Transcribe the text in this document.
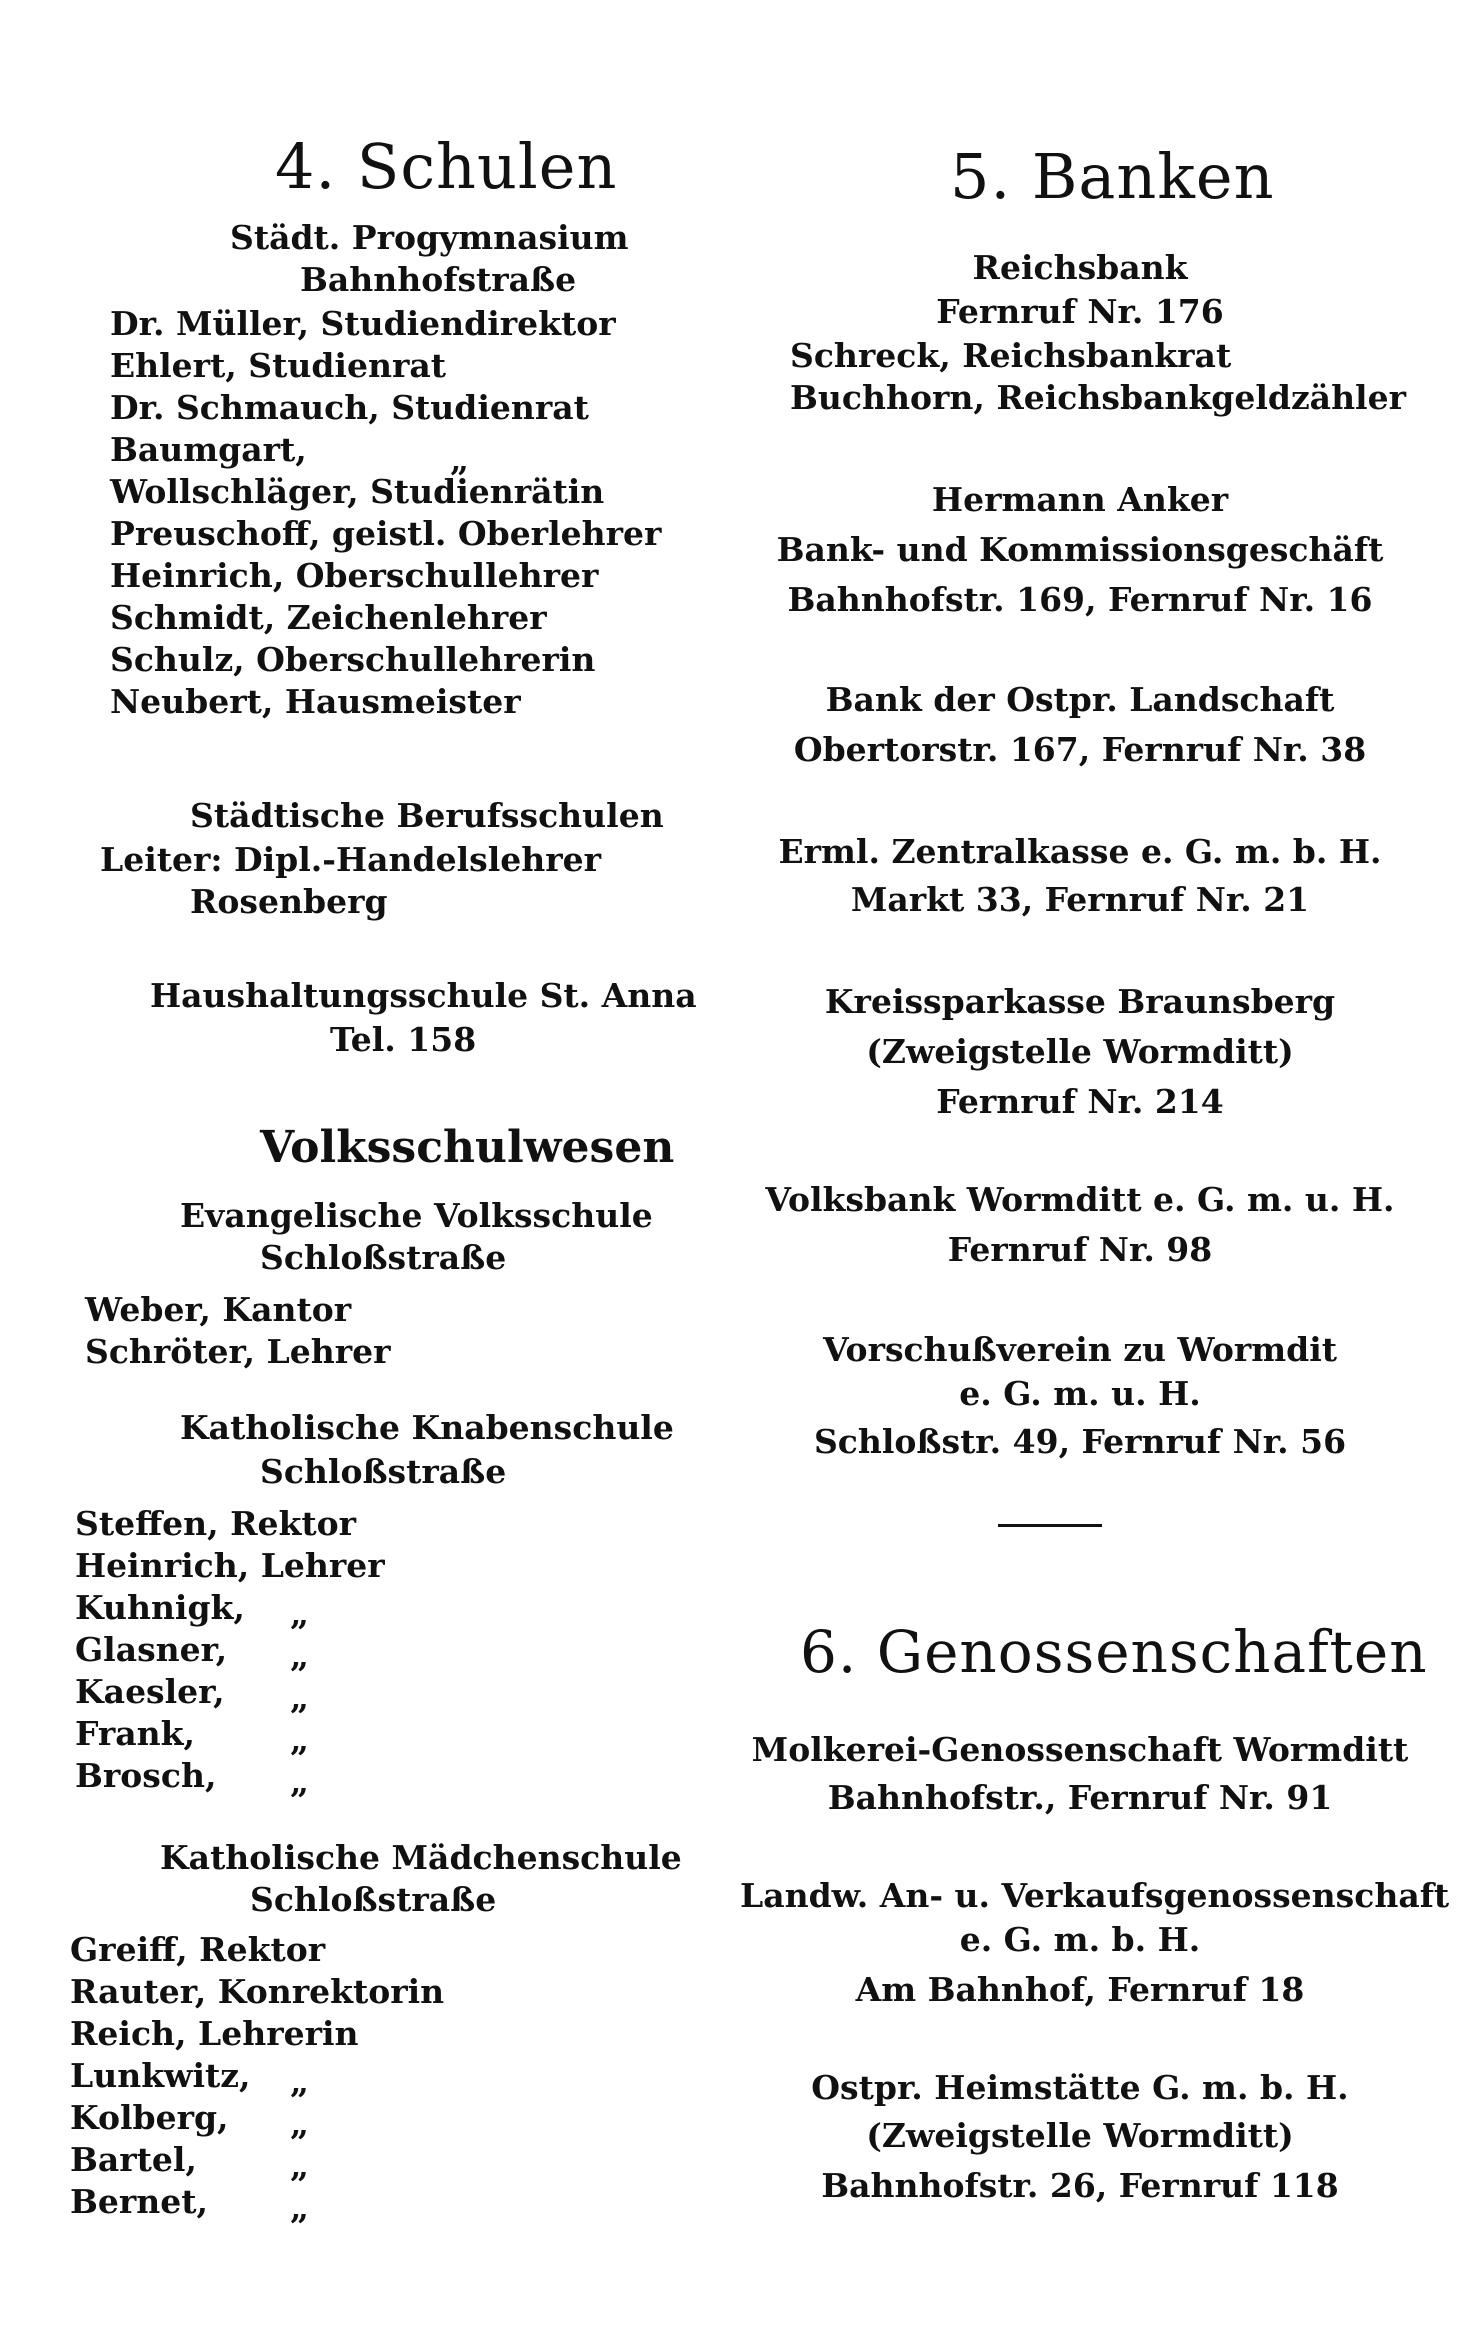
4. Schulen
Städt. Progymnasium
Bahnhofstraße
Dr. Müller, Studiendirektor
Ehlert, Studienrat
Dr. Schmauch, Studienrat
Baumgart,	„
Wollschläger, Studienrätin
Preuschoff, geistl. Oberlehrer
Heinrich, Oberschullehrer
Schmidt, Zeichenlehrer
Schulz, Oberschullehrerin
Neubert, Hausmeister
Städtische Berufsschulen
Leiter: Dipl.-Handelslehrer
Rosenberg
Haushaltungsschule St. Anna
Tel. 158
Volksschulwesen
Evangelische Volksschule
Schloßstraße
Weber, Kantor
Schröter, Lehrer
Katholische Knabenschule
Schloßstraße
Steffen, Rektor
Heinrich, Lehrer
Kuhnigk, „
Glasner, „
Kaesler, „
Frank,	„
Brosch, „
Katholische Mädchenschule
Schloßstraße
Greiff, Rektor
Rauter, Konrektorin
Reich, Lehrerin
Lunkwitz, „
Kolberg, „
Bartel,	„
Bernet, „
5. Banken
Reichsbank
Fernruf Nr. 176
Schreck, Reichsbankrat
Buchhorn, Reichsbankgeldzähler
Hermann Anker
Bank- und Kommissionsgeschäft
Bahnhofstr. 169, Fernruf Nr. 16
Bank der Ostpr. Landschaft
Obertorstr. 167, Fernruf Nr. 38
Erml. Zentralkasse e. G. m. b. H.
Markt 33, Fernruf Nr. 21
Kreissparkasse Braunsberg
(Zweigstelle Wormditt)
Fernruf Nr. 214
Volksbank Wormditt e. G. m. u. H.
Fernruf Nr. 98
Vorschußverein zu Wormdit
e. G. m. u. H.
Schloßstr. 49, Fernruf Nr. 56
6. Genossenschaften
Molkerei-Genossenschaft Wormditt
Bahnhofstr., Fernruf Nr. 91
Landw. An- u. Verkaufsgenossenschaft
e. G. m. b. H.
Am Bahnhof, Fernruf 18
Ostpr. Heimstätte G. m. b. H.
(Zweigstelle Wormditt)
Bahnhofstr. 26, Fernruf 118
